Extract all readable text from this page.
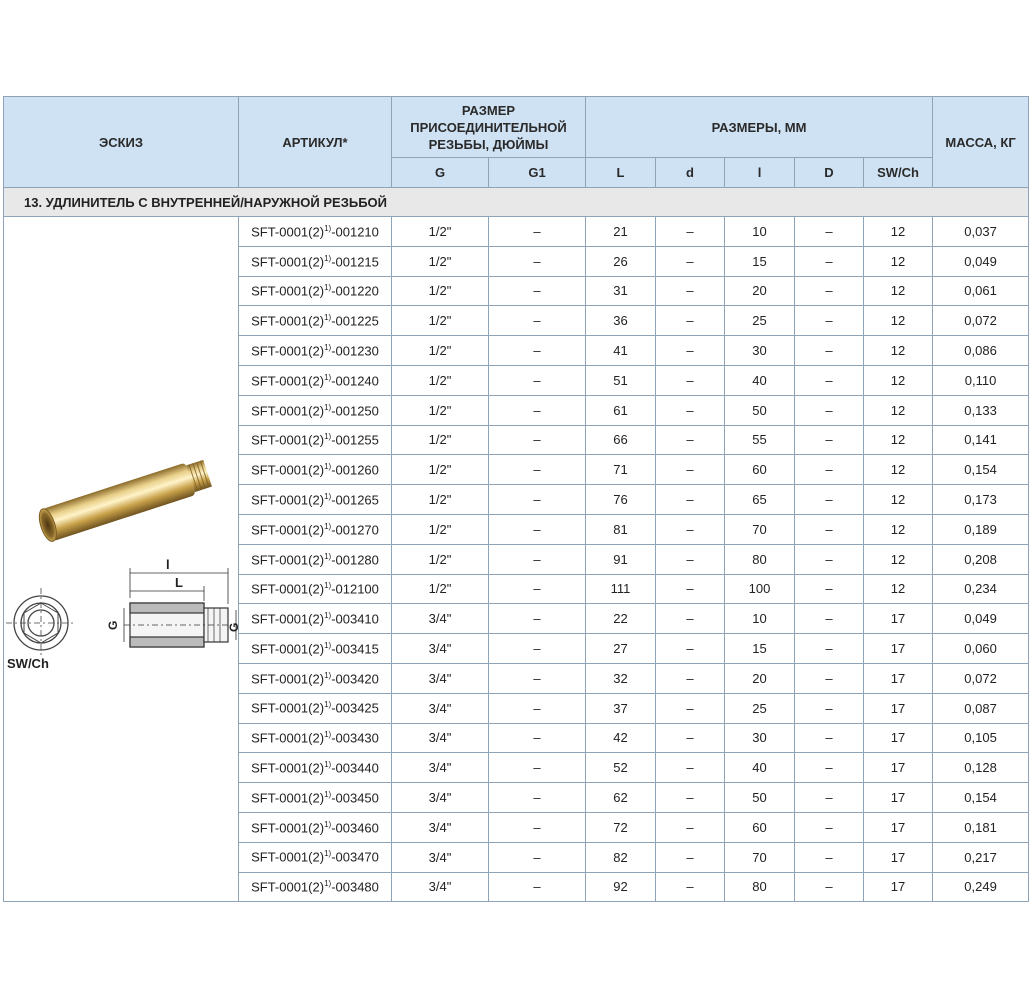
ЭСКИЗ	АРТИКУЛ*	РАЗМЕР ПРИСОЕДИНИТЕЛЬНОЙ РЕЗЬБЫ, ДЮЙМЫ		РАЗМЕРЫ, ММ					МАССА, КГ
		G	G1	L	d	l	D	SW/Ch	
13. УДЛИНИТЕЛЬ С ВНУТРЕННЕЙ/НАРУЖНОЙ РЕЗЬБОЙ									

SW/Ch
l
L
G G	SFT-$0001(2)^{1)}-001210$	1/2"	–	21	–	10	–	12	0,037
	SFT-$0001(2)^{1)}-001215$	1/2"	–	26	–	15	–	12	0,049
	SFT-$0001(2)^{1)}-001220$	1/2"	–	31	–	20	–	12	0,061
	SFT-$0001(2)^{1)}-001225$	1/2"	–	36	–	25	–	12	0,072
	SFT-$0001(2)^{1)}-001230$	1/2"	–	41	–	30	–	12	0,086
	SFT-$0001(2)^{1)}-001240$	1/2"	–	51	–	40	–	12	0,110
	SFT-$0001(2)^{1)}-001250$	1/2"	–	61	–	50	–	12	0,133
	SFT-$0001(2)^{1)}-001255$	1/2"	–	66	–	55	–	12	0,141
	SFT-$0001(2)^{1)}-001260$	1/2"	–	71	–	60	–	12	0,154
	SFT-$0001(2)^{1)}-001265$	1/2"	–	76	–	65	–	12	0,173
	SFT-$0001(2)^{1)}-001270$	1/2"	–	81	–	70	–	12	0,189
	SFT-$0001(2)^{1)}-001280$	1/2"	–	91	–	80	–	12	0,208
	SFT-$0001(2)^{1)}-012100$	1/2"	–	111	–	100	–	12	0,234
	SFT-$0001(2)^{1)}-003410$	3/4"	–	22	–	10	–	17	0,049
	SFT-$0001(2)^{1)}-003415$	3/4"	–	27	–	15	–	17	0,060
	SFT-$0001(2)^{1)}-003420$	3/4"	–	32	–	20	–	17	0,072
	SFT-$0001(2)^{1)}-003425$	3/4"	–	37	–	25	–	17	0,087
	SFT-$0001(2)^{1)}-003430$	3/4"	–	42	–	30	–	17	0,105
	SFT-$0001(2)^{1)}-003440$	3/4"	–	52	–	40	–	17	0,128
	SFT-$0001(2)^{1)}-003450$	3/4"	–	62	–	50	–	17	0,154
	SFT-$0001(2)^{1)}-003460$	3/4"	–	72	–	60	–	17	0,181
	SFT-$0001(2)^{1)}-003470$	3/4"	–	82	–	70	–	17	0,217
	SFT-$0001(2)^{1)}-003480$	3/4"	–	92	–	80	–	17	0,249
